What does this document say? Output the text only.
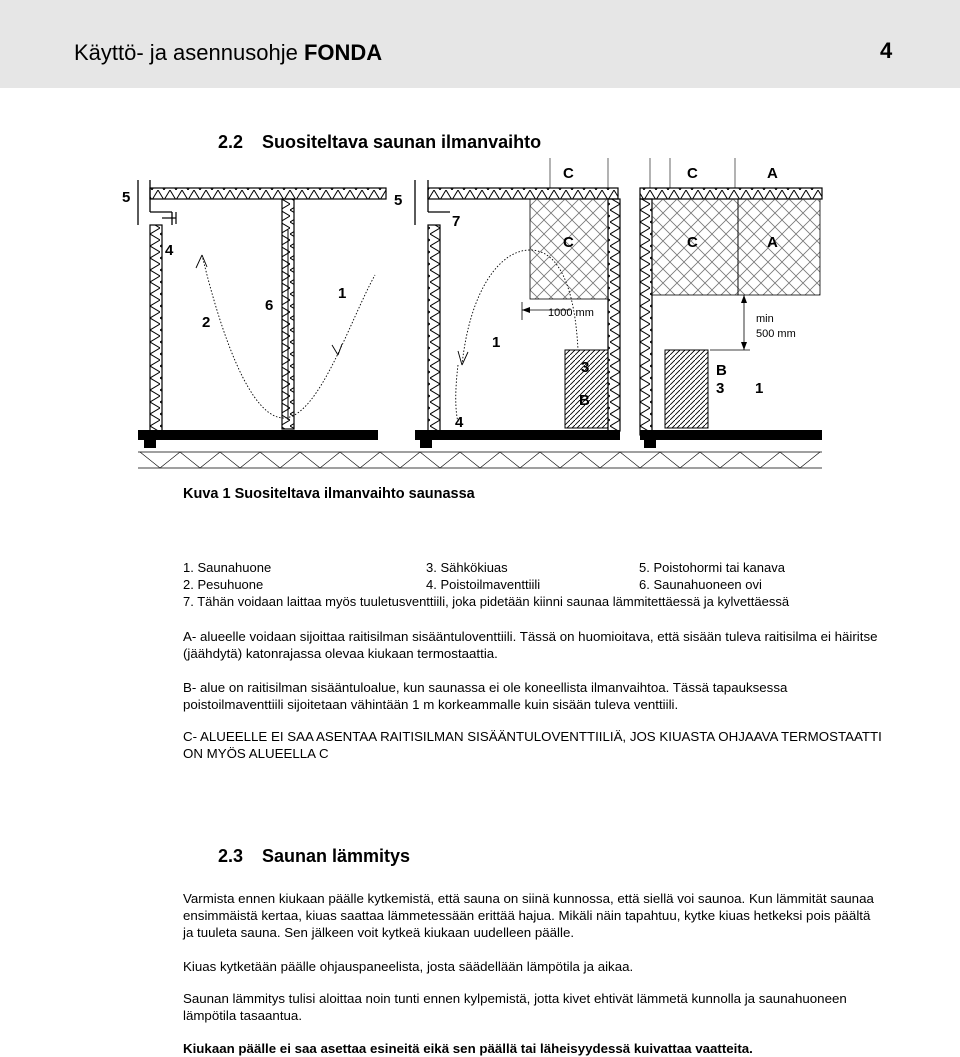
Käyttö- ja asennusohje FONDA	4
2.2 Suositeltava saunan ilmanvaihto
C	C	A
C	C	A
5
4
2
6
1
5
7
1
4
3
B
B
3 1
1000 mm	min
500 mm
Kuva 1 Suositeltava ilmanvaihto saunassa
1. Saunahuone
2. Pesuhuone
3. Sähkökiuas
4. Poistoilmaventtiili
5. Poistohormi tai kanava
6. Saunahuoneen ovi
7. Tähän voidaan laittaa myös tuuletusventtiili, joka pidetään kiinni saunaa lämmitettäessä ja kylvettäessä
A- alueelle voidaan sijoittaa raitisilman sisääntuloventtiili. Tässä on huomioitava, että sisään tuleva raitisilma ei häiritse (jäähdytä) katonrajassa olevaa kiukaan termostaattia.
B- alue on raitisilman sisääntuloalue, kun saunassa ei ole koneellista ilmanvaihtoa. Tässä tapauksessa poistoilmaventtiili sijoitetaan vähintään 1 m korkeammalle kuin sisään tuleva venttiili.
C- ALUEELLE EI SAA ASENTAA RAITISILMAN SISÄÄNTULOVENTTIILIÄ, JOS KIUASTA OHJAAVA TERMOSTAATTI ON MYÖS ALUEELLA C
2.3 Saunan lämmitys
Varmista ennen kiukaan päälle kytkemistä, että sauna on siinä kunnossa, että siellä voi saunoa. Kun lämmität saunaa ensimmäistä kertaa, kiuas saattaa lämmetessään erittää hajua. Mikäli näin tapahtuu, kytke kiuas hetkeksi pois päältä ja tuuleta sauna. Sen jälkeen voit kytkeä kiukaan uudelleen päälle.
Kiuas kytketään päälle ohjauspaneelista, josta säädellään lämpötila ja aikaa.
Saunan lämmitys tulisi aloittaa noin tunti ennen kylpemistä, jotta kivet ehtivät lämmetä kunnolla ja saunahuoneen lämpötila tasaantua.
Kiukaan päälle ei saa asettaa esineitä eikä sen päällä tai läheisyydessä kuivattaa vaatteita.
